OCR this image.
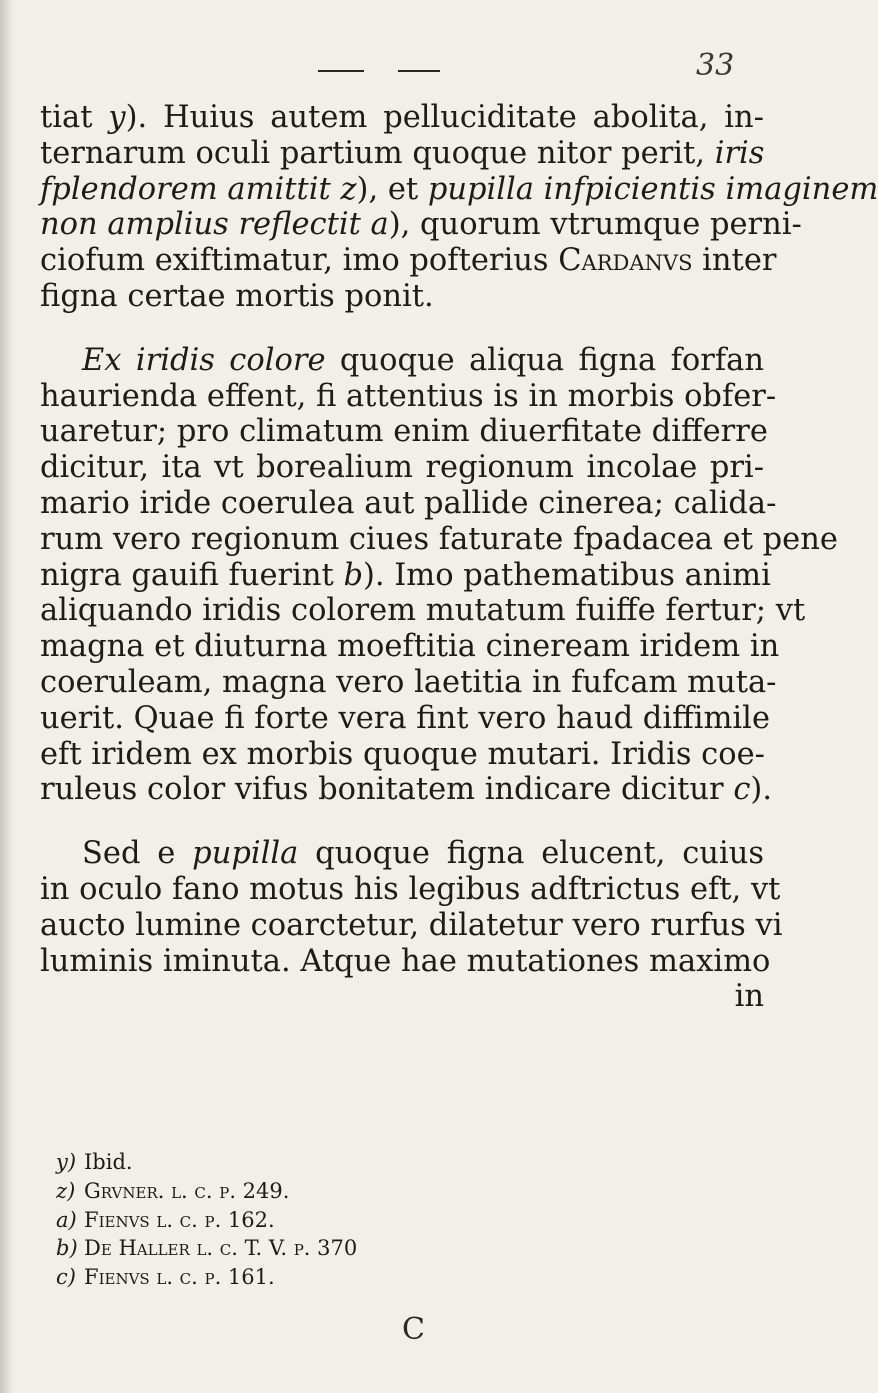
33
tiat y). Huius autem pelluciditate abolita, in-
ternarum oculi partium quoque nitor perit, iris
fplendorem amittit z), et pupilla infpicientis imaginem
non amplius reflectit a), quorum vtrumque perni-
ciofum exiftimatur, imo pofterius Cardanvs inter
figna certae mortis ponit.
Ex iridis colore quoque aliqua figna forfan
haurienda effent, fi attentius is in morbis obfer-
uaretur; pro climatum enim diuerfitate differre
dicitur, ita vt borealium regionum incolae pri-
mario iride coerulea aut pallide cinerea; calida-
rum vero regionum ciues faturate fpadacea et pene
nigra gauifi fuerint b). Imo pathematibus animi
aliquando iridis colorem mutatum fuiffe fertur; vt
magna et diuturna moeftitia cineream iridem in
coeruleam, magna vero laetitia in fufcam muta-
uerit. Quae fi forte vera fint vero haud diffimile
eft iridem ex morbis quoque mutari. Iridis coe-
ruleus color vifus bonitatem indicare dicitur c).
Sed e pupilla quoque figna elucent, cuius
in oculo fano motus his legibus adftrictus eft, vt
aucto lumine coarctetur, dilatetur vero rurfus vi
luminis iminuta. Atque hae mutationes maximo
in
y) Ibid.
z) Grvner. l. c. p. 249.
a) Fienvs l. c. p. 162.
b) De Haller l. c. T. V. p. 370
c) Fienvs l. c. p. 161.
C
